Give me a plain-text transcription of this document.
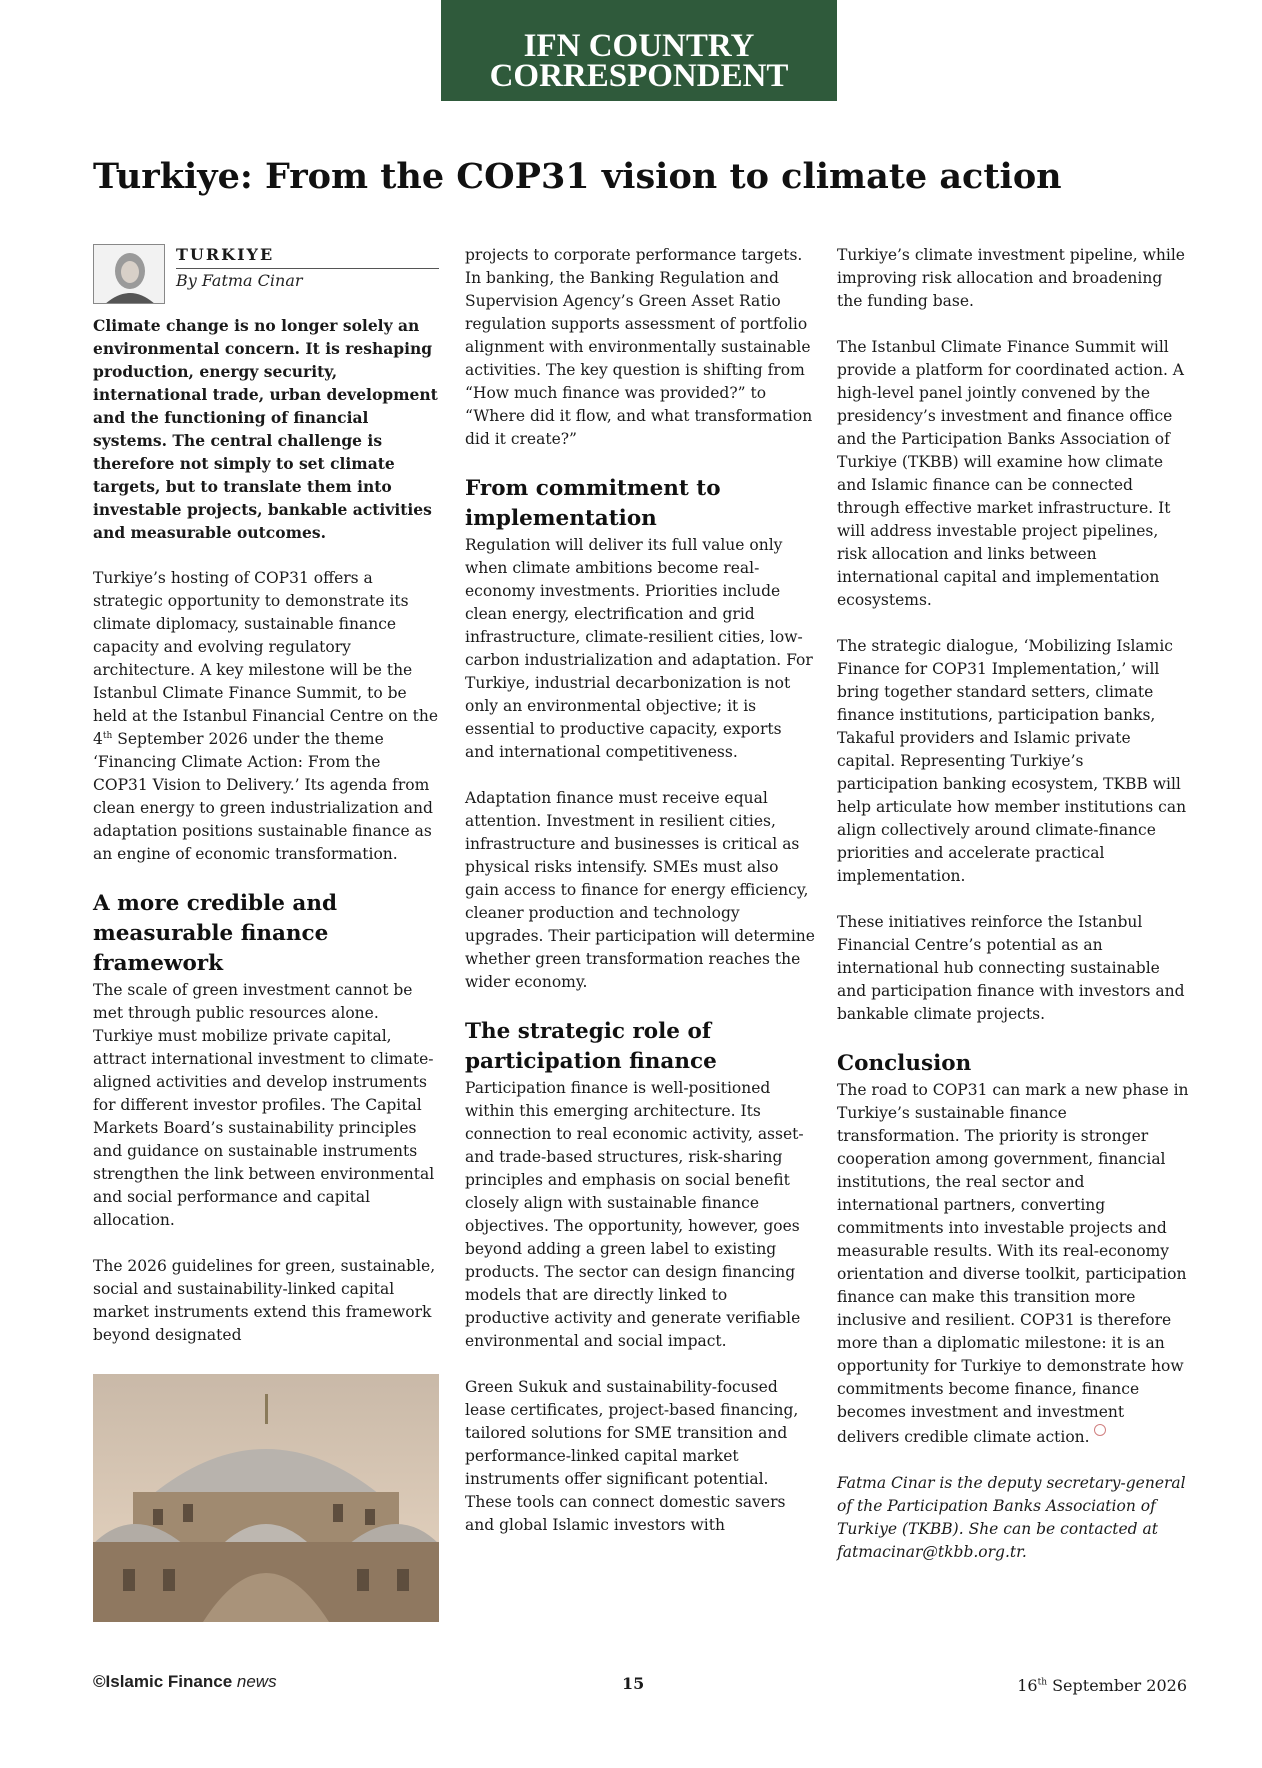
IFN COUNTRY
CORRESPONDENT
Turkiye: From the COP31 vision to climate action
TURKIYE
By Fatma Cinar

Climate change is no longer solely an environmental concern. It is reshaping production, energy security, international trade, urban development and the functioning of financial systems. The central challenge is therefore not simply to set climate targets, but to translate them into investable projects, bankable activities and measurable outcomes.

Turkiye’s hosting of COP31 offers a strategic opportunity to demonstrate its climate diplomacy, sustainable finance capacity and evolving regulatory architecture. A key milestone will be the Istanbul Climate Finance Summit, to be held at the Istanbul Financial Centre on the 4th September 2026 under the theme ‘Financing Climate Action: From the COP31 Vision to Delivery.’ Its agenda from clean energy to green industrialization and adaptation positions sustainable finance as an engine of economic transformation.

A more credible and measurable finance framework

The scale of green investment cannot be met through public resources alone. Turkiye must mobilize private capital, attract international investment to climate-aligned activities and develop instruments for different investor profiles. The Capital Markets Board’s sustainability principles and guidance on sustainable instruments strengthen the link between environmental and social performance and capital allocation.

The 2026 guidelines for green, sustainable, social and sustainability-linked capital market instruments extend this framework beyond designated

projects to corporate performance targets. In banking, the Banking Regulation and Supervision Agency’s Green Asset Ratio regulation supports assessment of portfolio alignment with environmentally sustainable activities. The key question is shifting from “How much finance was provided?” to “Where did it flow, and what transformation did it create?”

From commitment to implementation

Regulation will deliver its full value only when climate ambitions become real-economy investments. Priorities include clean energy, electrification and grid infrastructure, climate-resilient cities, low-carbon industrialization and adaptation. For Turkiye, industrial decarbonization is not only an environmental objective; it is essential to productive capacity, exports and international competitiveness.

Adaptation finance must receive equal attention. Investment in resilient cities, infrastructure and businesses is critical as physical risks intensify. SMEs must also gain access to finance for energy efficiency, cleaner production and technology upgrades. Their participation will determine whether green transformation reaches the wider economy.

The strategic role of participation finance

Participation finance is well-positioned within this emerging architecture. Its connection to real economic activity, asset- and trade-based structures, risk-sharing principles and emphasis on social benefit closely align with sustainable finance objectives. The opportunity, however, goes beyond adding a green label to existing products. The sector can design financing models that are directly linked to productive activity and generate verifiable environmental and social impact.

Green Sukuk and sustainability-focused lease certificates, project-based financing, tailored solutions for SME transition and performance-linked capital market instruments offer significant potential. These tools can connect domestic savers and global Islamic investors with

Turkiye’s climate investment pipeline, while improving risk allocation and broadening the funding base.

The Istanbul Climate Finance Summit will provide a platform for coordinated action. A high-level panel jointly convened by the presidency’s investment and finance office and the Participation Banks Association of Turkiye (TKBB) will examine how climate and Islamic finance can be connected through effective market infrastructure. It will address investable project pipelines, risk allocation and links between international capital and implementation ecosystems.

The strategic dialogue, ‘Mobilizing Islamic Finance for COP31 Implementation,’ will bring together standard setters, climate finance institutions, participation banks, Takaful providers and Islamic private capital. Representing Turkiye’s participation banking ecosystem, TKBB will help articulate how member institutions can align collectively around climate-finance priorities and accelerate practical implementation.

These initiatives reinforce the Istanbul Financial Centre’s potential as an international hub connecting sustainable and participation finance with investors and bankable climate projects.

Conclusion

The road to COP31 can mark a new phase in Turkiye’s sustainable finance transformation. The priority is stronger cooperation among government, financial institutions, the real sector and international partners, converting commitments into investable projects and measurable results. With its real-economy orientation and diverse toolkit, participation finance can make this transition more inclusive and resilient. COP31 is therefore more than a diplomatic milestone: it is an opportunity for Turkiye to demonstrate how commitments become finance, finance becomes investment and investment delivers credible climate action.

Fatma Cinar is the deputy secretary-general of the Participation Banks Association of Turkiye (TKBB). She can be contacted at fatmacinar@tkbb.org.tr.

©Islamic Finance news	15	16th September 2026
